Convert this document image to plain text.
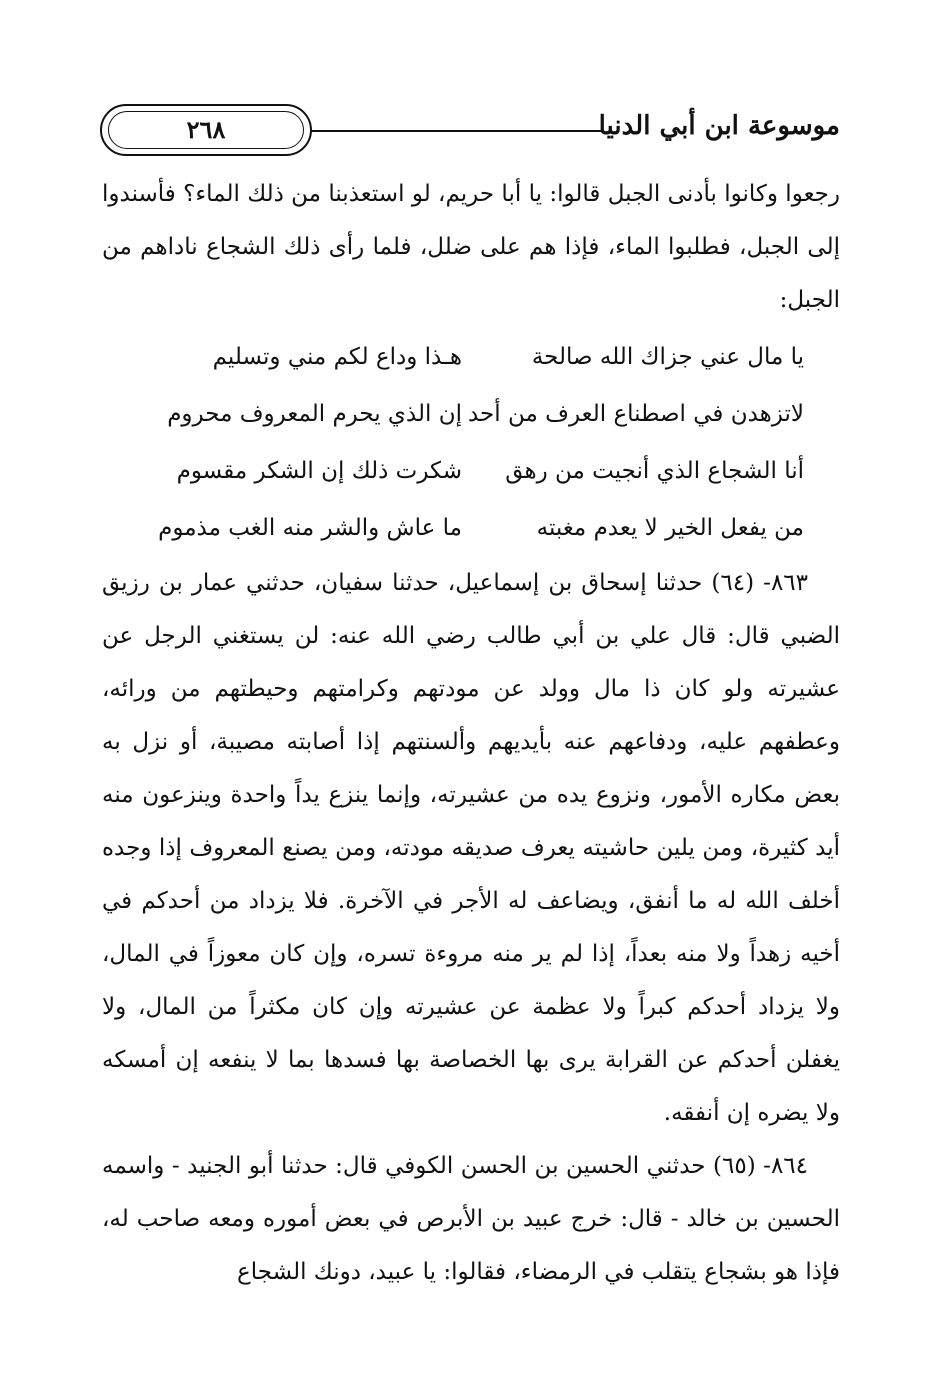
موسوعة ابن أبي الدنيا
٢٦٨

رجعوا وكانوا بأدنى الجبل قالوا: يا أبا حريم، لو استعذبنا من ذلك الماء؟ فأسندوا إلى الجبل، فطلبوا الماء، فإذا هم على ضلل، فلما رأى ذلك الشجاع ناداهم من الجبل:

يا مال عني جزاك الله صالحة
هـذا وداع لكم مني وتسليم
لاتزهدن في اصطناع العرف من أحد
إن الذي يحرم المعروف محروم
أنا الشجاع الذي أنجيت من رهق
شكرت ذلك إن الشكر مقسوم
من يفعل الخير لا يعدم مغبته
ما عاش والشر منه الغب مذموم

٨٦٣- (٦٤) حدثنا إسحاق بن إسماعيل، حدثنا سفيان، حدثني عمار بن رزيق الضبي قال: قال علي بن أبي طالب رضي الله عنه: لن يستغني الرجل عن عشيرته ولو كان ذا مال وولد عن مودتهم وكرامتهم وحيطتهم من ورائه، وعطفهم عليه، ودفاعهم عنه بأيديهم وألسنتهم إذا أصابته مصيبة، أو نزل به بعض مكاره الأمور، ونزوع يده من عشيرته، وإنما ينزع يداً واحدة وينزعون منه أيد كثيرة، ومن يلين حاشيته يعرف صديقه مودته، ومن يصنع المعروف إذا وجده أخلف الله له ما أنفق، ويضاعف له الأجر في الآخرة. فلا يزداد من أحدكم في أخيه زهداً ولا منه بعداً، إذا لم ير منه مروءة تسره، وإن كان معوزاً في المال، ولا يزداد أحدكم كبراً ولا عظمة عن عشيرته وإن كان مكثراً من المال، ولا يغفلن أحدكم عن القرابة يرى بها الخصاصة بها فسدها بما لا ينفعه إن أمسكه ولا يضره إن أنفقه.

٨٦٤- (٦٥) حدثني الحسين بن الحسن الكوفي قال: حدثنا أبو الجنيد - واسمه الحسين بن خالد - قال: خرج عبيد بن الأبرص في بعض أموره ومعه صاحب له، فإذا هو بشجاع يتقلب في الرمضاء، فقالوا: يا عبيد، دونك الشجاع
